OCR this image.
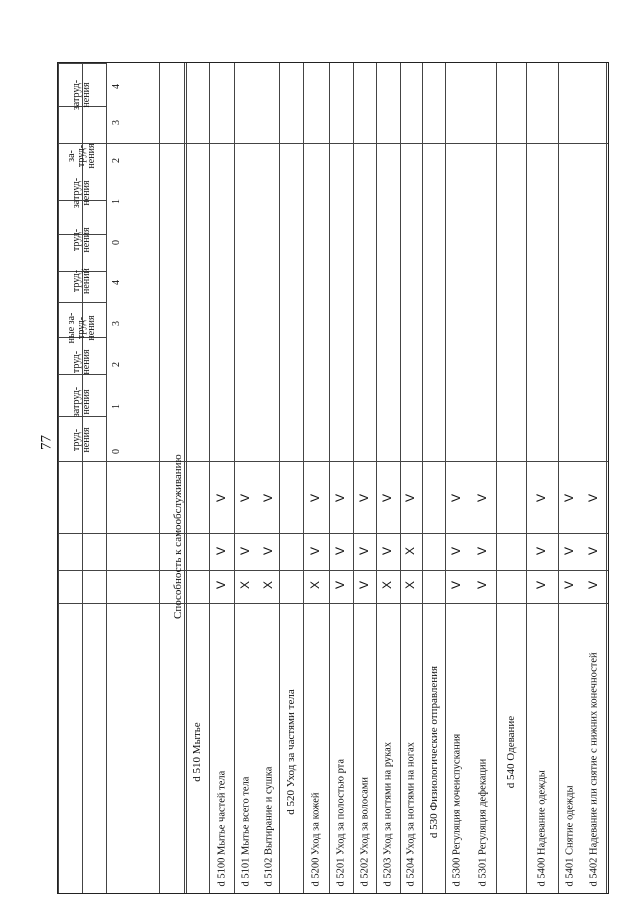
77 труд-
нения
затруд-
нения
труд-
нения
ные за-
труд-
нения
труд-
нений
труд-
нения
затруд-
нения
за-
труд-
нения
затруд-
нения
0
1
2
3
4
0
1
2
3
4
Способность к самообслуживанию
d 510 Мытье
d 5100 Мытье частей тела
V
V
V
d 5101 Мытье всего тела
X
V
V
d 5102 Вытирание и сушка
X
V
V
d 520 Уход за частями тела
d 5200 Уход за кожей
X
V
V
d 5201 Уход за полостью рта
V
V
V
d 5202 Уход за волосами
V
V
V
d 5203 Уход за ногтями на руках
X
V
V
d 5204 Уход за ногтями на ногах
X
X
V
d 530 Физиологические отправления d 5300 Регуляция мочеиспускания
V
V
V
d 5301 Регуляция дефекации
V
V
V
d 540 Одевание
d 5400 Надевание одежды
V
V
V
d 5401 Снятие одежды
V
V
V
d 5402 Надевание или снятие с нижних конечностей
V
V
V
